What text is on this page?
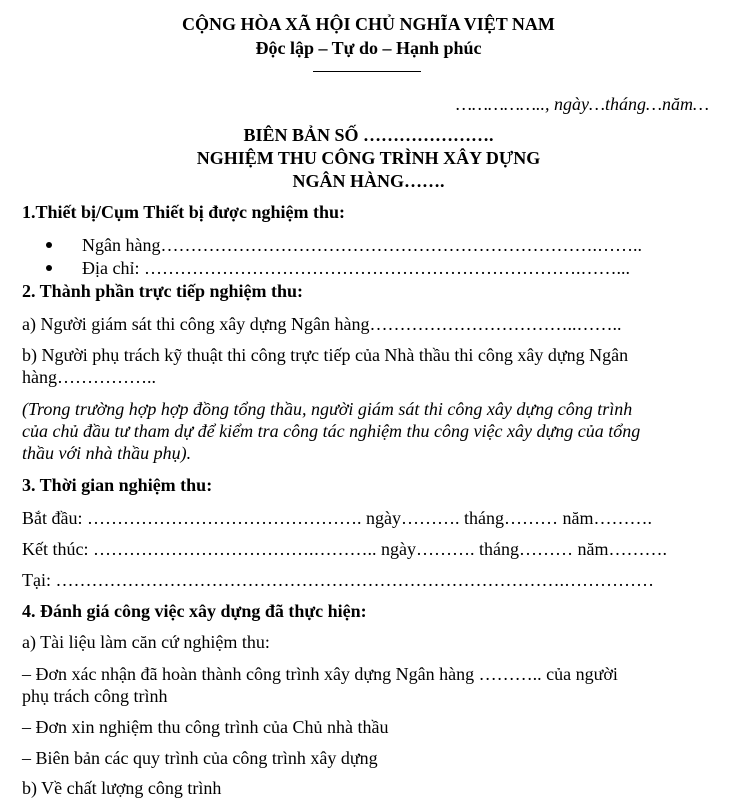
CỘNG HÒA XÃ HỘI CHỦ NGHĨA VIỆT NAM
Độc lập – Tự do – Hạnh phúc
…………….., ngày…tháng…năm…
BIÊN BẢN SỐ ………………….
NGHIỆM THU CÔNG TRÌNH XÂY DỰNG
NGÂN HÀNG…….
1.Thiết bị/Cụm Thiết bị được nghiệm thu:
Ngân hàng……………………………………………………………….……..
Địa chỉ: ……………………………………………………………….……...
2. Thành phần trực tiếp nghiệm thu:
a) Người giám sát thi công xây dựng Ngân hàng……………………………..……..
b) Người phụ trách kỹ thuật thi công trực tiếp của Nhà thầu thi công xây dựng Ngân
hàng……………..
(Trong trường hợp hợp đồng tổng thầu, người giám sát thi công xây dựng công trình
của chủ đầu tư tham dự để kiểm tra công tác nghiệm thu công việc xây dựng của tổng
thầu với nhà thầu phụ).
3. Thời gian nghiệm thu:
Bắt đầu: ………………………………………. ngày………. tháng……… năm……….
Kết thúc: ……………………………….……….. ngày………. tháng……… năm……….
Tại: ………………………………………………………………………….……………
4. Đánh giá công việc xây dựng đã thực hiện:
a) Tài liệu làm căn cứ nghiệm thu:
– Đơn xác nhận đã hoàn thành công trình xây dựng Ngân hàng ……….. của người
phụ trách công trình
– Đơn xin nghiệm thu công trình của Chủ nhà thầu
– Biên bản các quy trình của công trình xây dựng
b) Về chất lượng công trình
